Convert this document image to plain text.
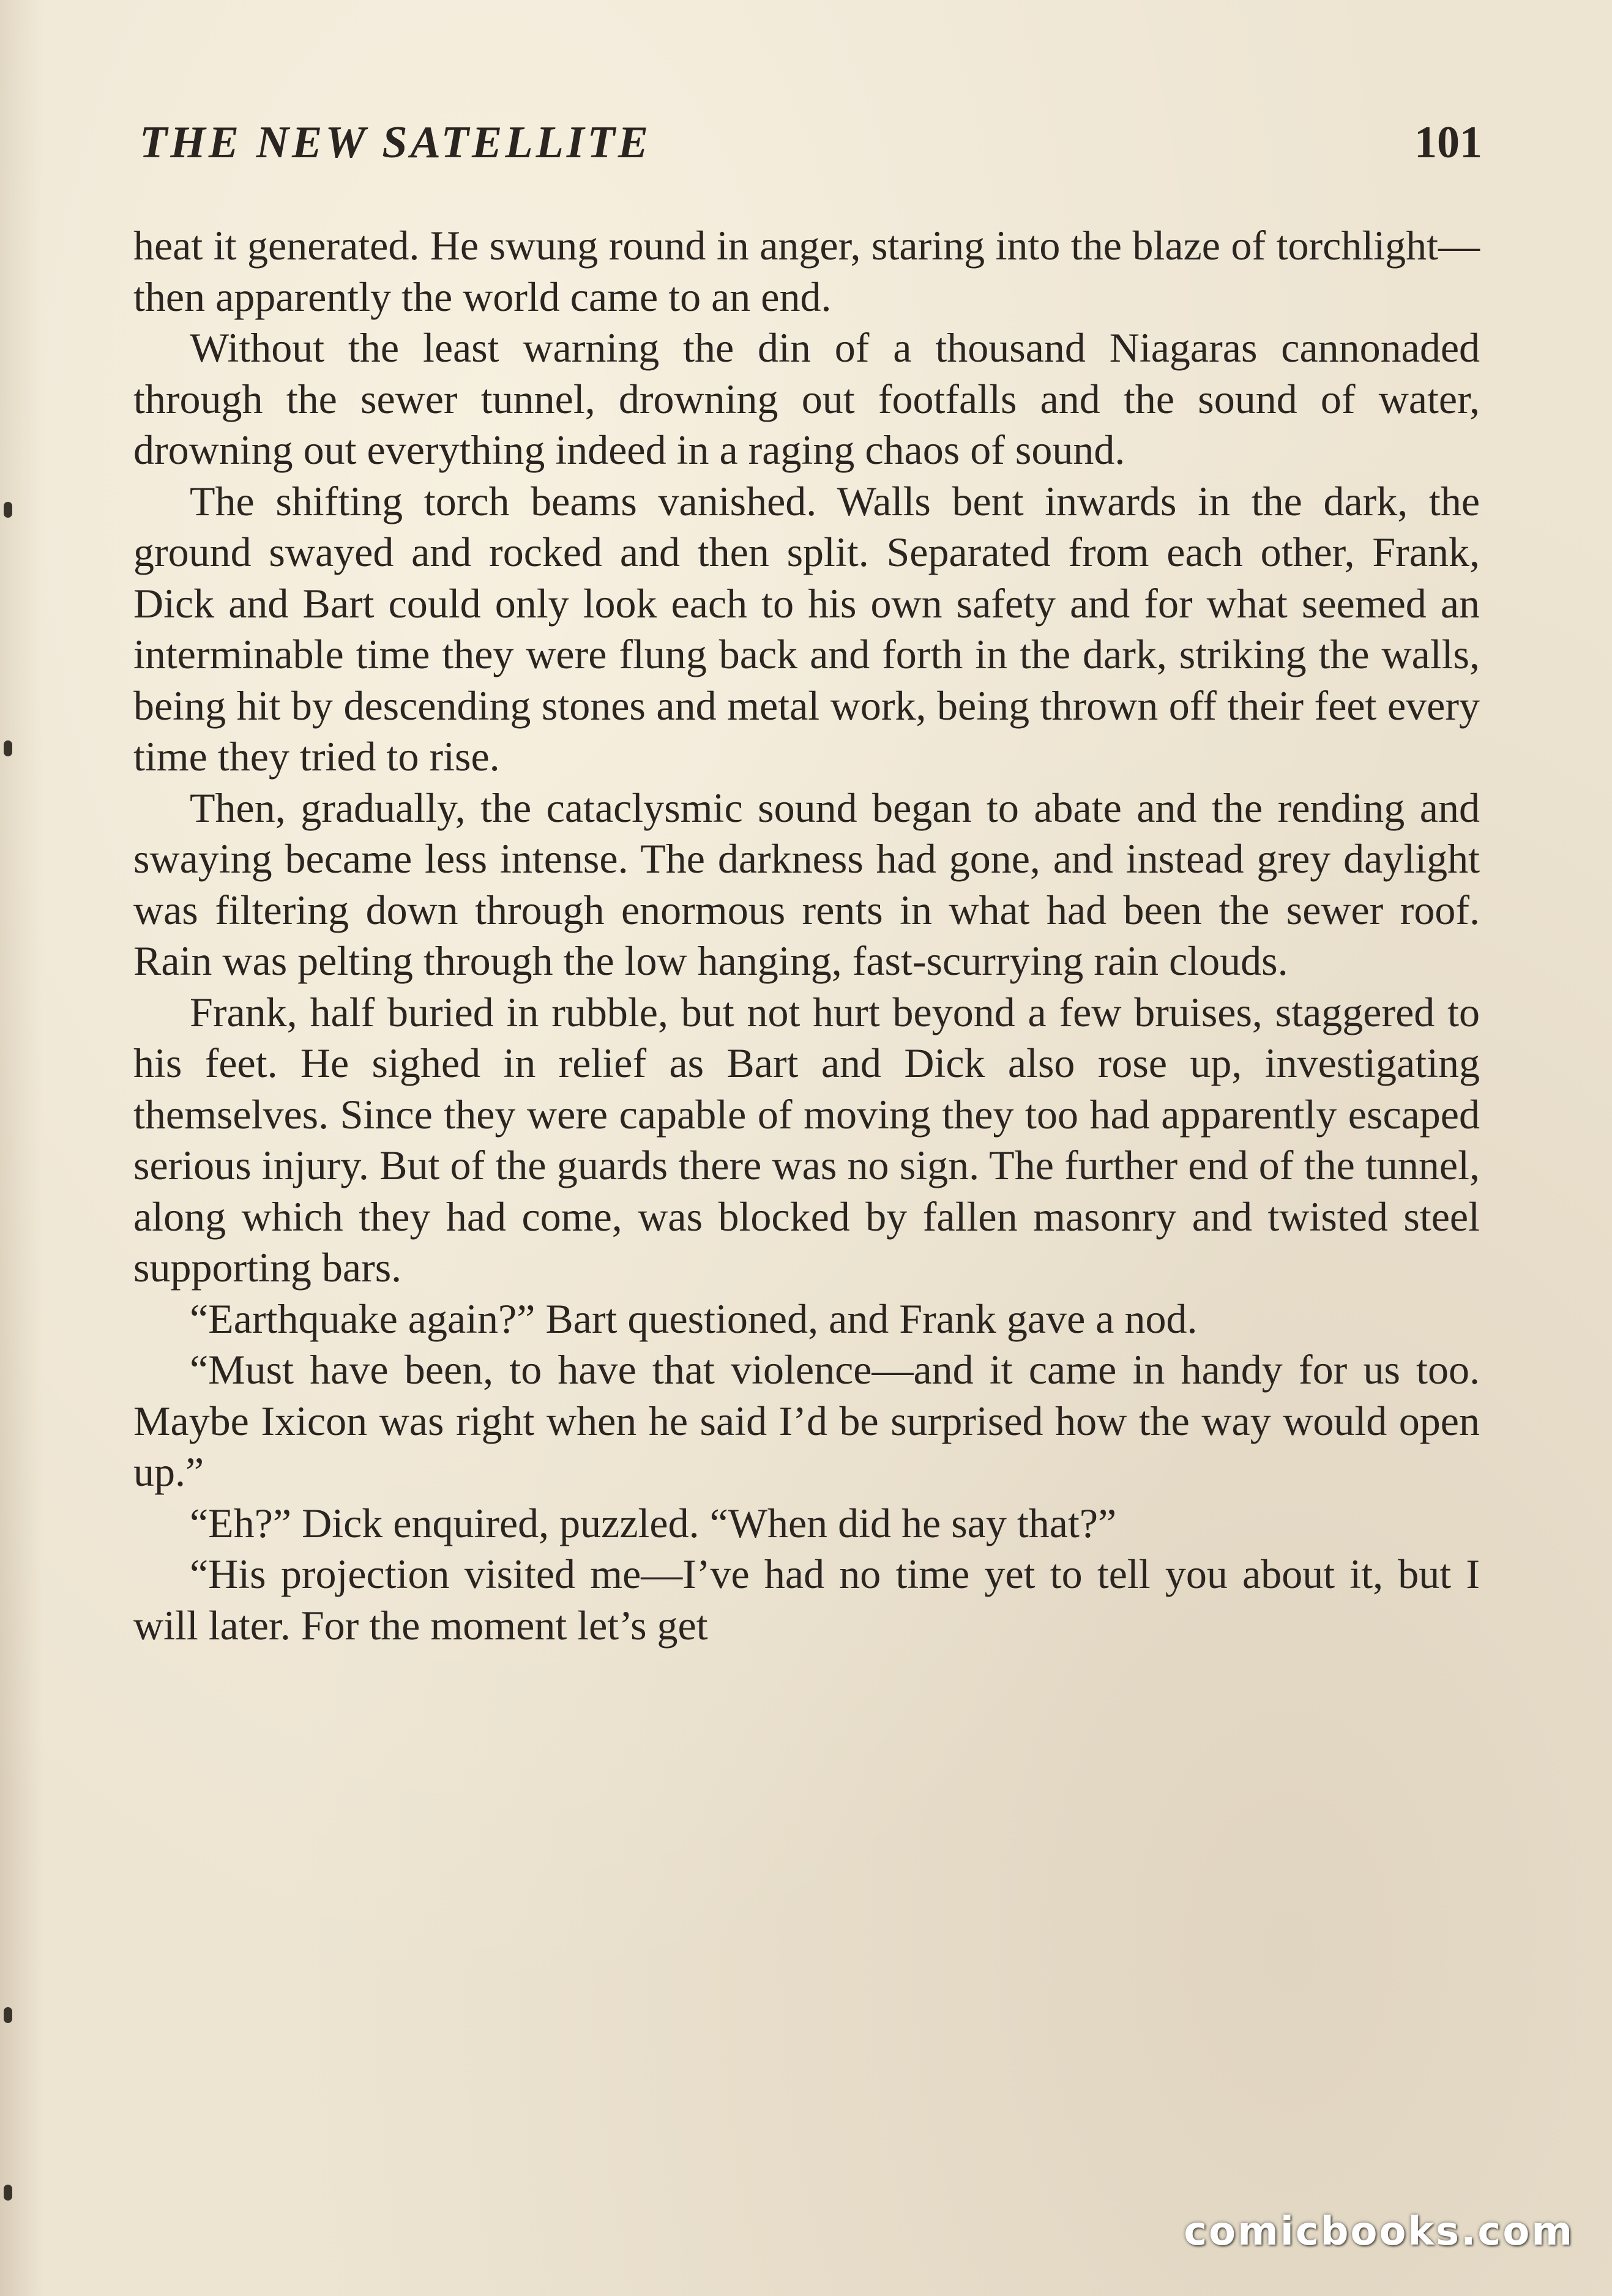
THE NEW SATELLITE	101

heat it generated. He swung round in anger, staring into the blaze of torchlight—then apparently the world came to an end.

Without the least warning the din of a thousand Niagaras cannonaded through the sewer tunnel, drowning out footfalls and the sound of water, drowning out everything indeed in a raging chaos of sound.

The shifting torch beams vanished. Walls bent inwards in the dark, the ground swayed and rocked and then split. Separated from each other, Frank, Dick and Bart could only look each to his own safety and for what seemed an interminable time they were flung back and forth in the dark, striking the walls, being hit by descending stones and metal work, being thrown off their feet every time they tried to rise.

Then, gradually, the cataclysmic sound began to abate and the rending and swaying became less intense. The darkness had gone, and instead grey daylight was filtering down through enormous rents in what had been the sewer roof. Rain was pelting through the low hanging, fast-scurrying rain clouds.

Frank, half buried in rubble, but not hurt beyond a few bruises, staggered to his feet. He sighed in relief as Bart and Dick also rose up, investigating themselves. Since they were capable of moving they too had apparently escaped serious injury. But of the guards there was no sign. The further end of the tunnel, along which they had come, was blocked by fallen masonry and twisted steel supporting bars.

“Earthquake again?” Bart questioned, and Frank gave a nod.

“Must have been, to have that violence—and it came in handy for us too. Maybe Ixicon was right when he said I’d be surprised how the way would open up.”

“Eh?” Dick enquired, puzzled. “When did he say that?”

“His projection visited me—I’ve had no time yet to tell you about it, but I will later. For the moment let’s get

comicbooks.com
